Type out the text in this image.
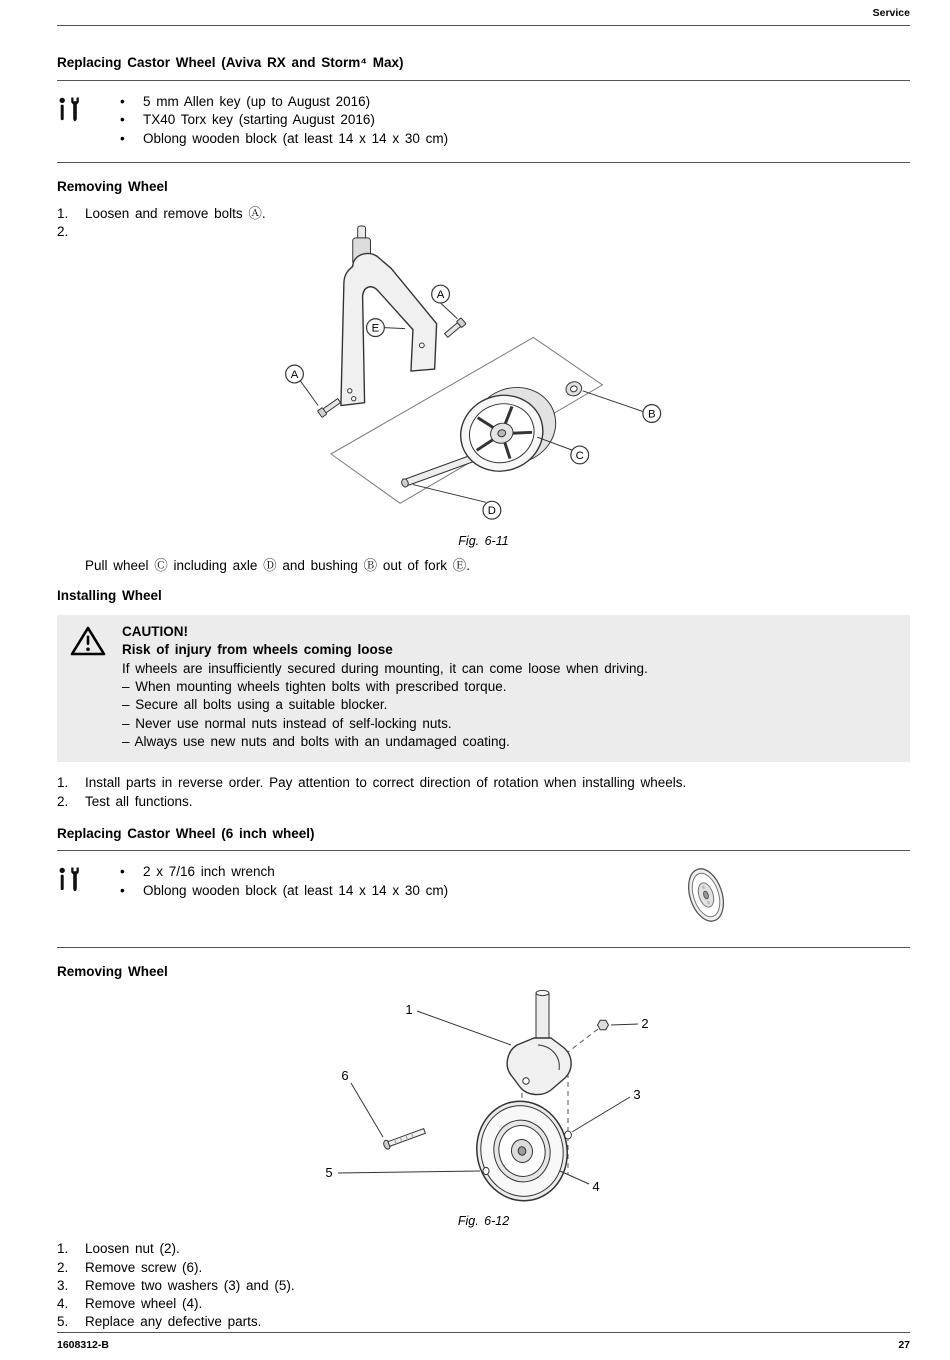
Service
Replacing Castor Wheel (Aviva RX and Storm⁴ Max)
• 5 mm Allen key (up to August 2016)
• TX40 Torx key (starting August 2016)
• Oblong wooden block (at least 14 x 14 x 30 cm)
Removing Wheel
Loosen and remove bolts Ⓐ.
A
E
A
B
C
D
Fig. 6-11

Pull wheel Ⓒ including axle Ⓓ and bushing Ⓑ out of fork Ⓔ.

Installing Wheel
CAUTION!
Risk of injury from wheels coming loose
If wheels are insufficiently secured during mounting, it can come loose when driving.
– When mounting wheels tighten bolts with prescribed torque.
– Secure all bolts using a suitable blocker.
– Never use normal nuts instead of self-locking nuts.
– Always use new nuts and bolts with an undamaged coating.
Install parts in reverse order. Pay attention to correct direction of rotation when installing wheels.
Test all functions.
Replacing Castor Wheel (6 inch wheel)
• 2 x 7/16 inch wrench
• Oblong wooden block (at least 14 x 14 x 30 cm)
Removing Wheel
1
2
3
4
5
6
Fig. 6-12
Loosen nut (2).
Remove screw (6).
Remove two washers (3) and (5).
Remove wheel (4).
Replace any defective parts.
1608312-B	27
